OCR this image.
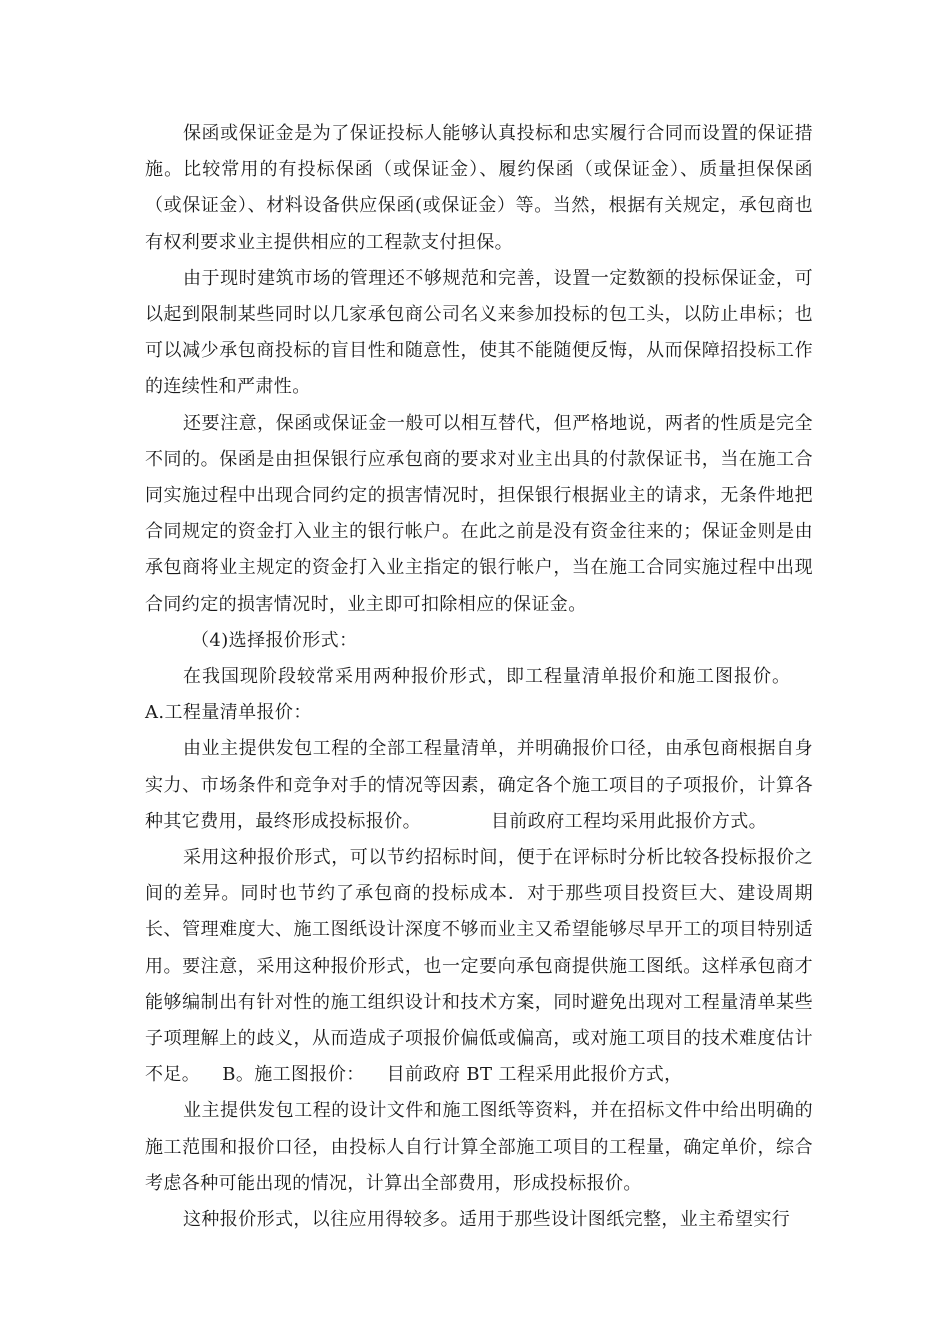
保函或保证金是为了保证投标人能够认真投标和忠实履行合同而设置的保证措施。比较常用的有投标保函（或保证金）、履约保函（或保证金）、质量担保保函（或保证金）、材料设备供应保函(或保证金）等。当然，根据有关规定，承包商也有权利要求业主提供相应的工程款支付担保。

由于现时建筑市场的管理还不够规范和完善，设置一定数额的投标保证金，可以起到限制某些同时以几家承包商公司名义来参加投标的包工头，以防止串标；也可以减少承包商投标的盲目性和随意性，使其不能随便反悔，从而保障招投标工作的连续性和严肃性。

还要注意，保函或保证金一般可以相互替代，但严格地说，两者的性质是完全不同的。保函是由担保银行应承包商的要求对业主出具的付款保证书，当在施工合同实施过程中出现合同约定的损害情况时，担保银行根据业主的请求，无条件地把合同规定的资金打入业主的银行帐户。在此之前是没有资金往来的；保证金则是由承包商将业主规定的资金打入业主指定的银行帐户，当在施工合同实施过程中出现合同约定的损害情况时，业主即可扣除相应的保证金。

（4)选择报价形式：

在我国现阶段较常采用两种报价形式，即工程量清单报价和施工图报价。A.工程量清单报价：

由业主提供发包工程的全部工程量清单，并明确报价口径，由承包商根据自身实力、市场条件和竞争对手的情况等因素，确定各个施工项目的子项报价，计算各种其它费用，最终形成投标报价。	目前政府工程均采用此报价方式。

采用这种报价形式，可以节约招标时间，便于在评标时分析比较各投标报价之间的差异。同时也节约了承包商的投标成本．对于那些项目投资巨大、建设周期长、管理难度大、施工图纸设计深度不够而业主又希望能够尽早开工的项目特别适用。要注意，采用这种报价形式，也一定要向承包商提供施工图纸。这样承包商才能够编制出有针对性的施工组织设计和技术方案，同时避免出现对工程量清单某些子项理解上的歧义，从而造成子项报价偏低或偏高，或对施工项目的技术难度估计不足。 B。施工图报价： 目前政府 BT 工程采用此报价方式，

业主提供发包工程的设计文件和施工图纸等资料，并在招标文件中给出明确的施工范围和报价口径，由投标人自行计算全部施工项目的工程量，确定单价，综合考虑各种可能出现的情况，计算出全部费用，形成投标报价。

这种报价形式，以往应用得较多。适用于那些设计图纸完整，业主希望实行
